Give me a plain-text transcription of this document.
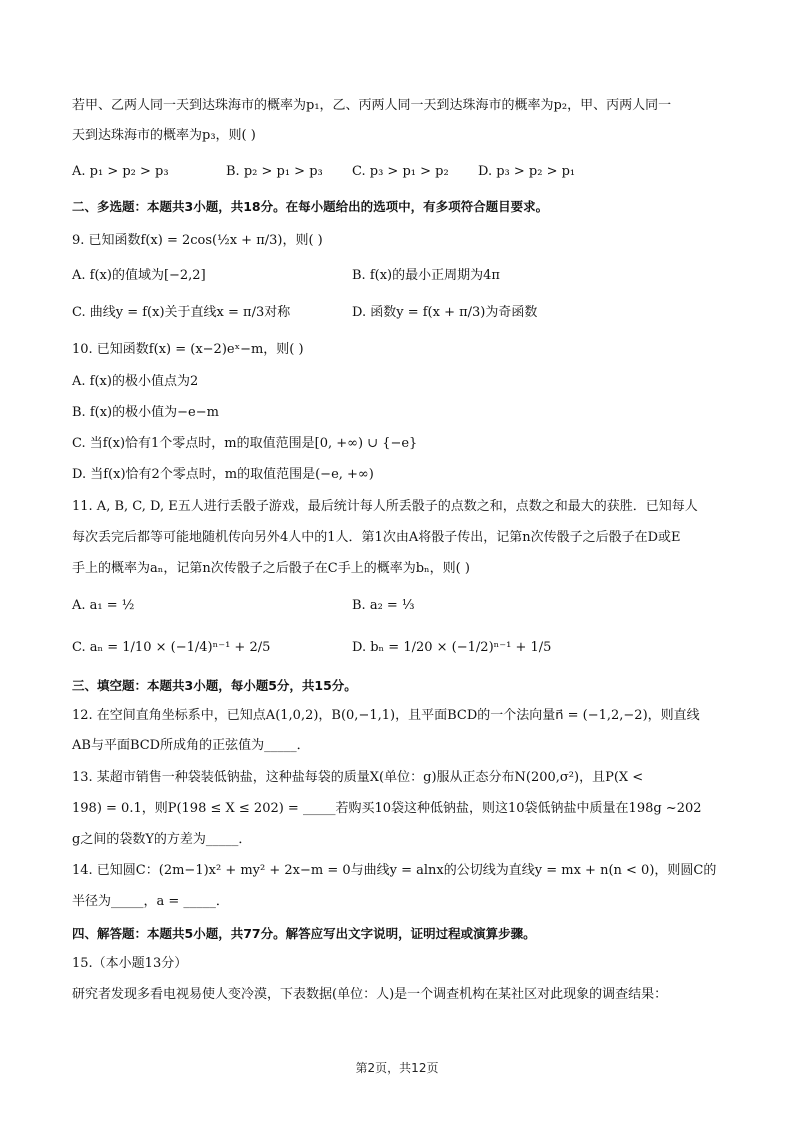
若甲、乙两人同一天到达珠海市的概率为p₁，乙、丙两人同一天到达珠海市的概率为p₂，甲、丙两人同一
天到达珠海市的概率为p₃，则( )
A. p₁ > p₂ > p₃	B. p₂ > p₁ > p₃ C. p₃ > p₁ > p₂ D. p₃ > p₂ > p₁
二、多选题：本题共3小题，共18分。在每小题给出的选项中，有多项符合题目要求。
9. 已知函数f(x) = 2cos(½x + π/3)，则( )
A. f(x)的值域为[−2,2]	B. f(x)的最小正周期为4π
C. 曲线y = f(x)关于直线x = π/3对称	D. 函数y = f(x + π/3)为奇函数
10. 已知函数f(x) = (x−2)eˣ−m，则( )
A. f(x)的极小值点为2
B. f(x)的极小值为−e−m
C. 当f(x)恰有1个零点时，m的取值范围是[0, +∞) ∪ {−e}
D. 当f(x)恰有2个零点时，m的取值范围是(−e, +∞)
11. A, B, C, D, E五人进行丢骰子游戏，最后统计每人所丢骰子的点数之和，点数之和最大的获胜．已知每人
每次丢完后都等可能地随机传向另外4人中的1人．第1次由A将骰子传出，记第n次传骰子之后骰子在D或E
手上的概率为aₙ，记第n次传骰子之后骰子在C手上的概率为bₙ，则( )
A. a₁ = ½	B. a₂ = ⅓
C. aₙ = 1/10 × (−1/4)ⁿ⁻¹ + 2/5	D. bₙ = 1/20 × (−1/2)ⁿ⁻¹ + 1/5
三、填空题：本题共3小题，每小题5分，共15分。
12. 在空间直角坐标系中，已知点A(1,0,2)，B(0,−1,1)，且平面BCD的一个法向量n⃗ = (−1,2,−2)，则直线
AB与平面BCD所成角的正弦值为_____．
13. 某超市销售一种袋装低钠盐，这种盐每袋的质量X(单位：g)服从正态分布N(200,σ²)，且P(X <
198) = 0.1，则P(198 ≤ X ≤ 202) = _____若购买10袋这种低钠盐，则这10袋低钠盐中质量在198g ~202
g之间的袋数Y的方差为_____．
14. 已知圆C：(2m−1)x² + my² + 2x−m = 0与曲线y = alnx的公切线为直线y = mx + n(n < 0)，则圆C的
半径为_____，a = _____．
四、解答题：本题共5小题，共77分。解答应写出文字说明，证明过程或演算步骤。
15.（本小题13分）
研究者发现多看电视易使人变冷漠，下表数据(单位：人)是一个调查机构在某社区对此现象的调查结果：
第2页，共12页
